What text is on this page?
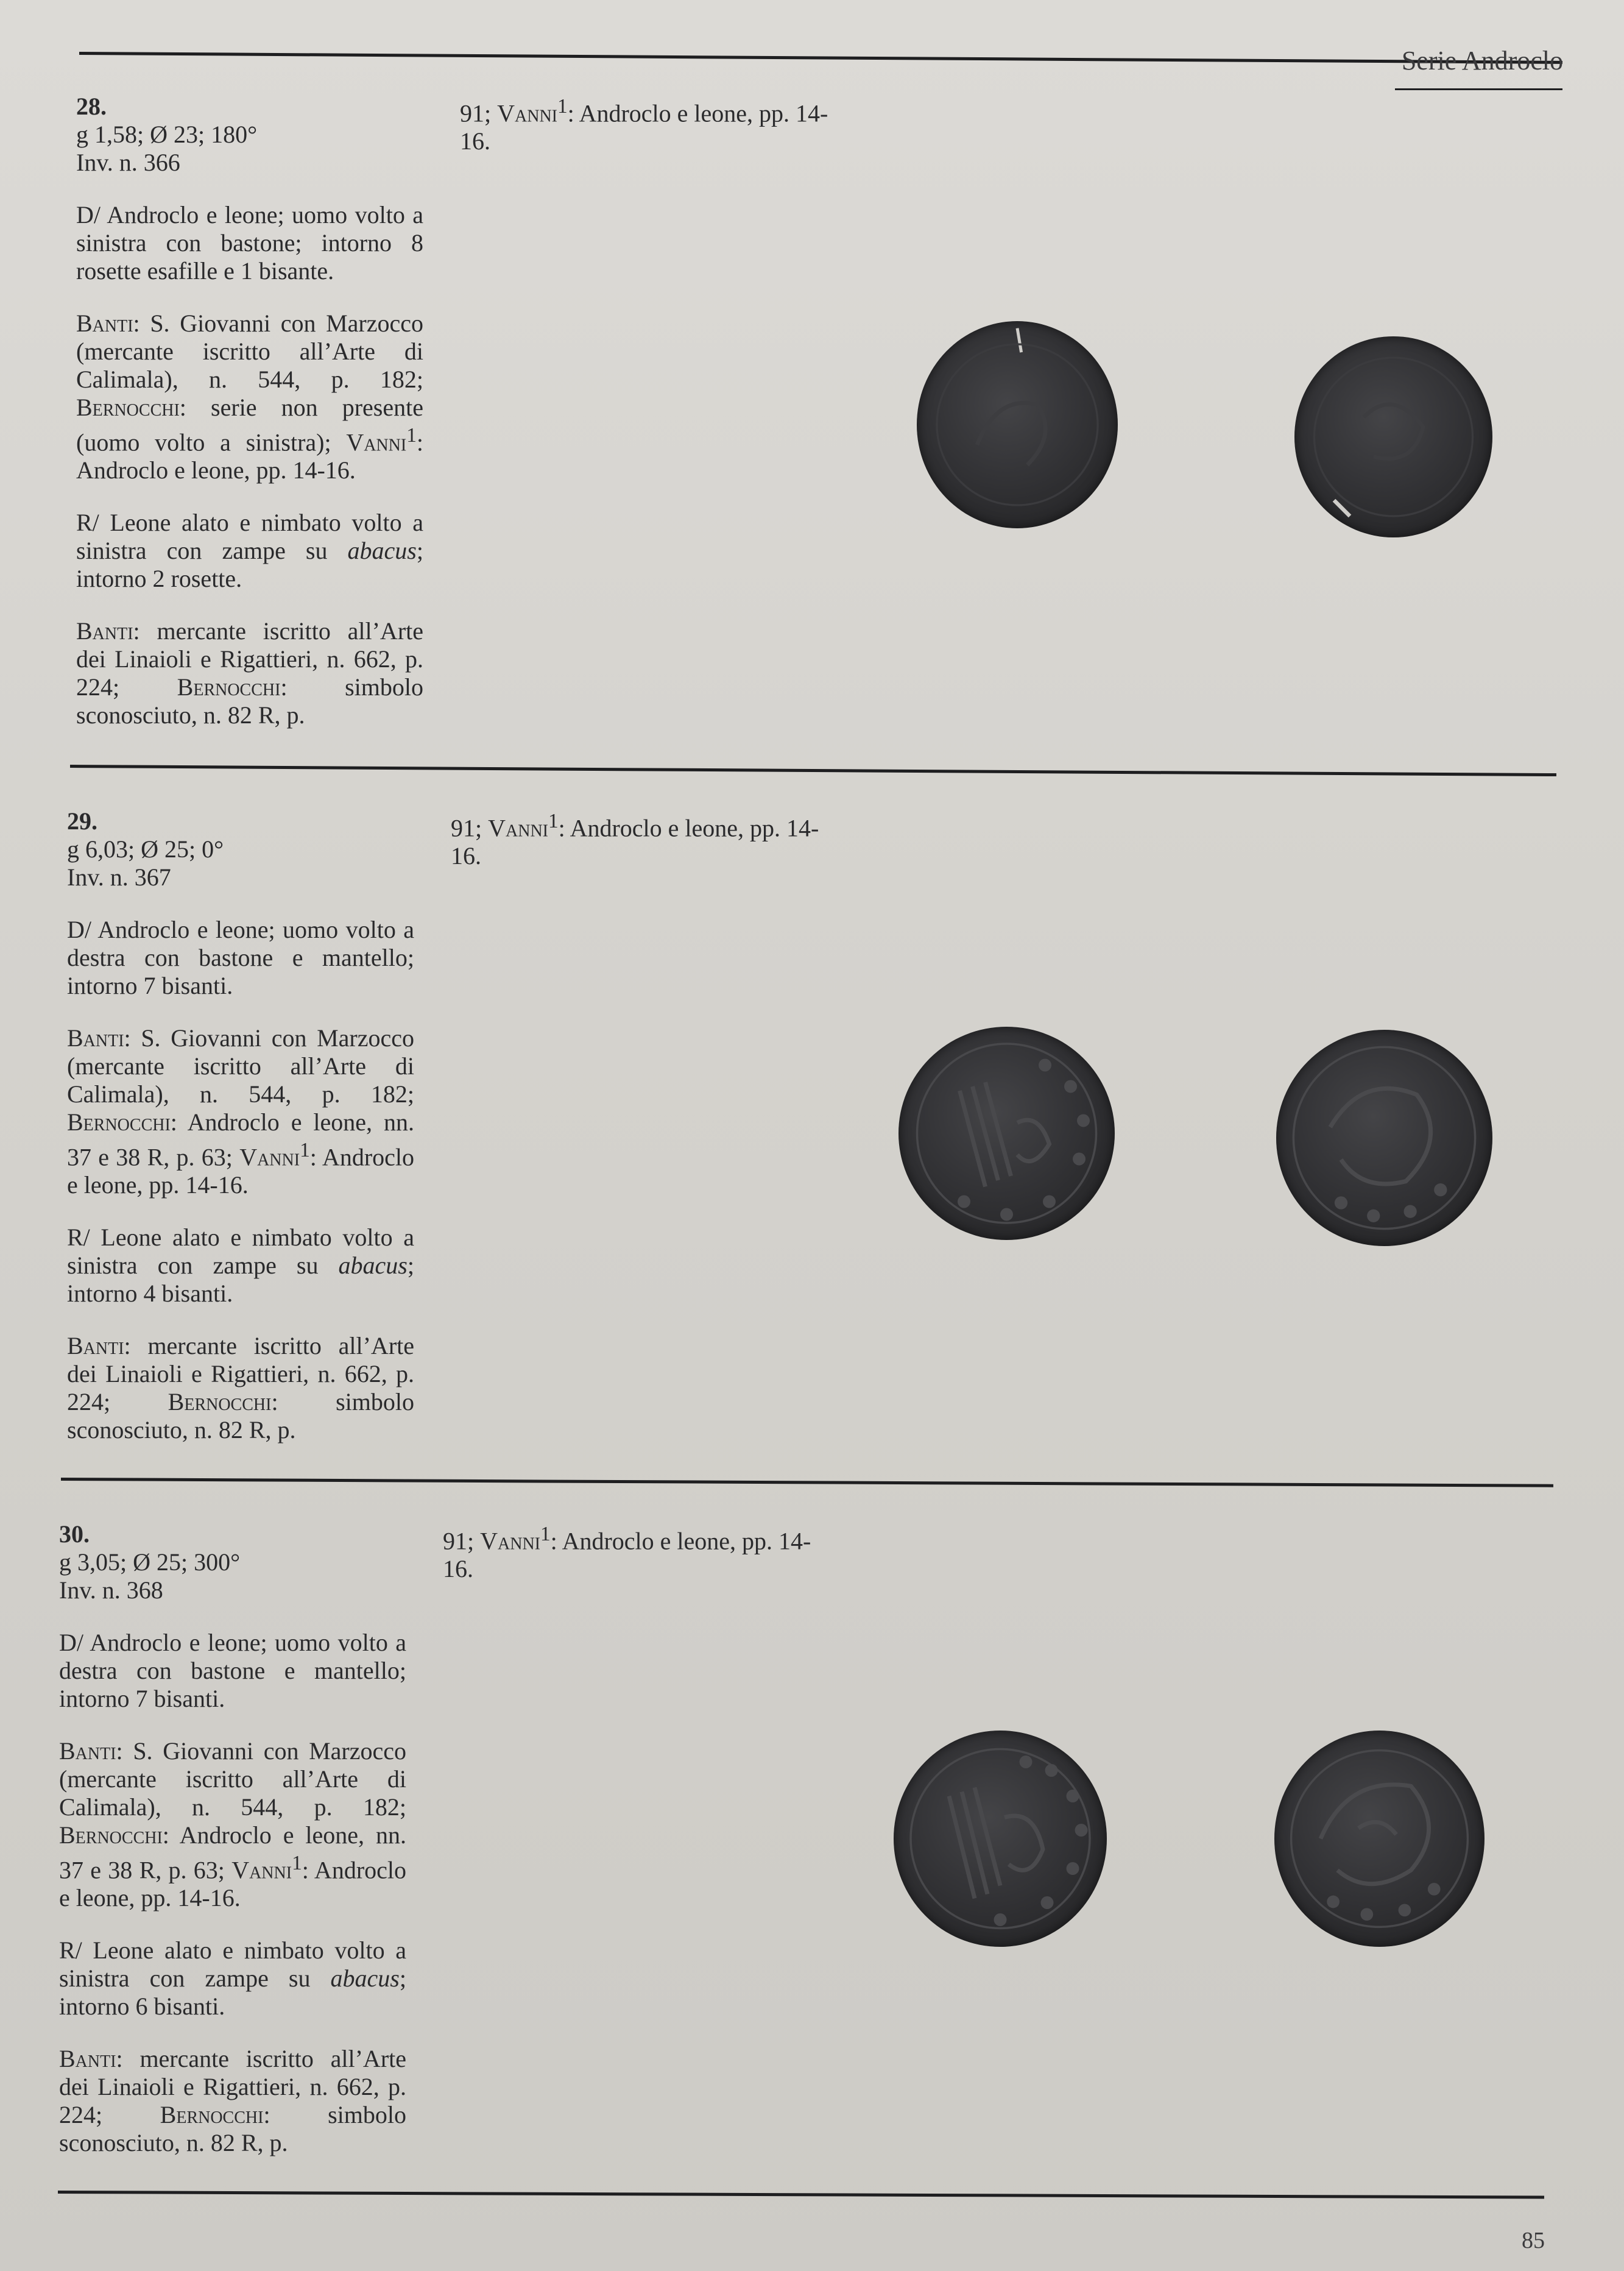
Serie Androclo

28.
g 1,58; Ø 23; 180°
Inv. n. 366

D/ Androclo e leone; uomo volto a sinistra con bastone; intorno 8 rosette esafille e 1 bisante.

Banti: S. Giovanni con Marzocco (mercante iscritto all’Arte di Calimala), n. 544, p. 182; Bernocchi: serie non presente (uomo volto a sinistra); Vanni$^1$: Androclo e leone, pp. 14-16.

R/ Leone alato e nimbato volto a sinistra con zampe su abacus; intorno 2 rosette.

Banti: mercante iscritto all’Arte dei Linaioli e Rigattieri, n. 662, p. 224; Bernocchi: simbolo sconosciuto, n. 82 R, p.

91; Vanni$^1$: Androclo e leone, pp. 14-16.

29.
g 6,03; Ø 25; 0°
Inv. n. 367

D/ Androclo e leone; uomo volto a destra con bastone e mantello; intorno 7 bisanti.

Banti: S. Giovanni con Marzocco (mercante iscritto all’Arte di Calimala), n. 544, p. 182; Bernocchi: Androclo e leone, nn. 37 e 38 R, p. 63; Vanni$^1$: Androclo e leone, pp. 14-16.

R/ Leone alato e nimbato volto a sinistra con zampe su abacus; intorno 4 bisanti.

Banti: mercante iscritto all’Arte dei Linaioli e Rigattieri, n. 662, p. 224; Bernocchi: simbolo sconosciuto, n. 82 R, p.

91; Vanni$^1$: Androclo e leone, pp. 14-16.

30.
g 3,05; Ø 25; 300°
Inv. n. 368

D/ Androclo e leone; uomo volto a destra con bastone e mantello; intorno 7 bisanti.

Banti: S. Giovanni con Marzocco (mercante iscritto all’Arte di Calimala), n. 544, p. 182; Bernocchi: Androclo e leone, nn. 37 e 38 R, p. 63; Vanni$^1$: Androclo e leone, pp. 14-16.

R/ Leone alato e nimbato volto a sinistra con zampe su abacus; intorno 6 bisanti.

Banti: mercante iscritto all’Arte dei Linaioli e Rigattieri, n. 662, p. 224; Bernocchi: simbolo sconosciuto, n. 82 R, p.

91; Vanni$^1$: Androclo e leone, pp. 14-16.
85
